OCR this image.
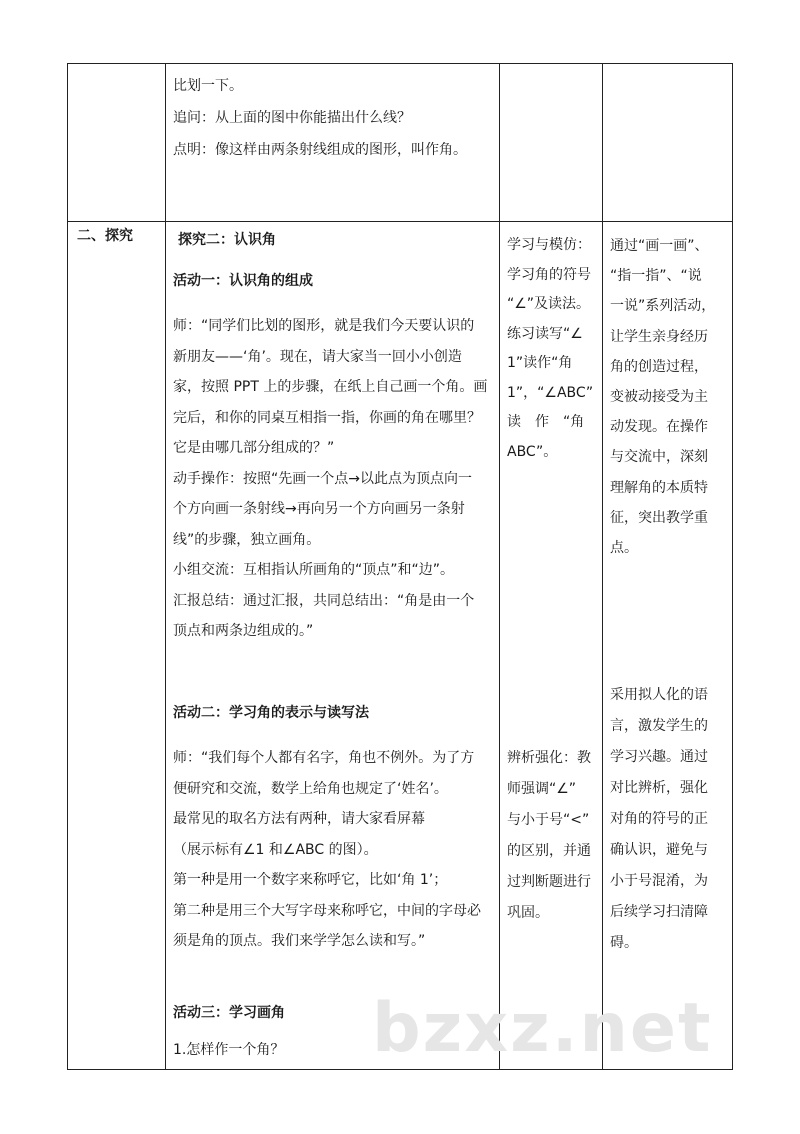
比划一下。

追问：从上面的图中你能描出什么线？

点明：像这样由两条射线组成的图形，叫作角。

二、探究	探究二：认识角
活动一：认识角的组成

师：“同学们比划的图形，就是我们今天要认识的

新朋友——‘角’。现在，请大家当一回小小创造

家，按照 PPT 上的步骤，在纸上自己画一个角。画

完后，和你的同桌互相指一指，你画的角在哪里？

它是由哪几部分组成的？”

动手操作：按照“先画一个点→以此点为顶点向一

个方向画一条射线→再向另一个方向画另一条射

线”的步骤，独立画角。

小组交流：互相指认所画角的“顶点”和“边”。

汇报总结：通过汇报，共同总结出：“角是由一个

顶点和两条边组成的。”

活动二：学习角的表示与读写法

师：“我们每个人都有名字，角也不例外。为了方

便研究和交流，数学上给角也规定了‘姓名’。

最常见的取名方法有两种，请大家看屏幕

（展示标有∠1 和∠ABC 的图）。

第一种是用一个数字来称呼它，比如‘角 1’；

第二种是用三个大写字母来称呼它，中间的字母必

须是角的顶点。我们来学学怎么读和写。”

活动三：学习画角
1.怎样作一个角？

学习与模仿：

学习角的符号

“∠”及读法。

练习读写“∠

1”读作“角

1”，“∠ABC”

读　作　“角

ABC”。

辨析强化：教

师强调“∠”

与小于号“<”

的区别，并通

过判断题进行

巩固。

通过“画一画”、

“指一指”、“说

一说”系列活动，

让学生亲身经历

角的创造过程，

变被动接受为主

动发现。在操作

与交流中，深刻

理解角的本质特

征，突出教学重

点。

采用拟人化的语

言，激发学生的

学习兴趣。通过

对比辨析，强化

对角的符号的正

确认识，避免与

小于号混淆，为

后续学习扫清障

碍。

bzxz.net
